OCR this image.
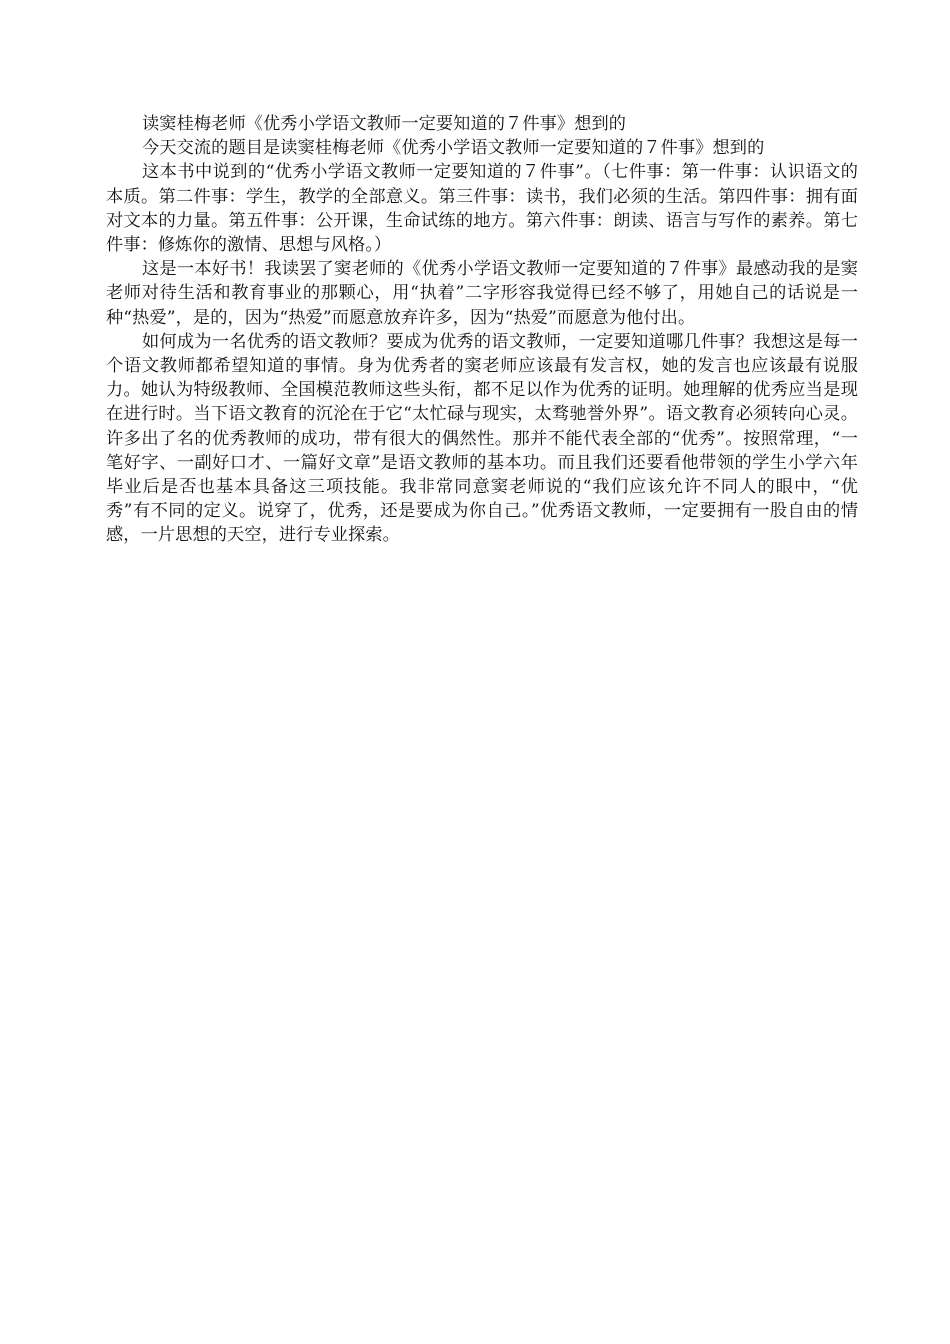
读窦桂梅老师《优秀小学语文教师一定要知道的７件事》想到的

今天交流的题目是读窦桂梅老师《优秀小学语文教师一定要知道的７件事》想到的

这本书中说到的“优秀小学语文教师一定要知道的７件事”。（七件事：第一件事：认识语文的本质。第二件事：学生，教学的全部意义。第三件事：读书，我们必须的生活。第四件事：拥有面对文本的力量。第五件事：公开课，生命试练的地方。第六件事：朗读、语言与写作的素养。第七件事：修炼你的激情、思想与风格。）

这是一本好书！我读罢了窦老师的《优秀小学语文教师一定要知道的７件事》最感动我的是窦老师对待生活和教育事业的那颗心，用“执着”二字形容我觉得已经不够了，用她自己的话说是一种“热爱”，是的，因为“热爱”而愿意放弃许多，因为“热爱”而愿意为他付出。

如何成为一名优秀的语文教师？要成为优秀的语文教师，一定要知道哪几件事？我想这是每一个语文教师都希望知道的事情。身为优秀者的窦老师应该最有发言权，她的发言也应该最有说服力。她认为特级教师、全国模范教师这些头衔，都不足以作为优秀的证明。她理解的优秀应当是现在进行时。当下语文教育的沉沦在于它“太忙碌与现实，太骛驰誉外界”。语文教育必须转向心灵。许多出了名的优秀教师的成功，带有很大的偶然性。那并不能代表全部的“优秀”。按照常理，“一笔好字、一副好口才、一篇好文章”是语文教师的基本功。而且我们还要看他带领的学生小学六年毕业后是否也基本具备这三项技能。我非常同意窦老师说的“我们应该允许不同人的眼中，“优秀”有不同的定义。说穿了，优秀，还是要成为你自己。”优秀语文教师，一定要拥有一股自由的情感，一片思想的天空，进行专业探索。
